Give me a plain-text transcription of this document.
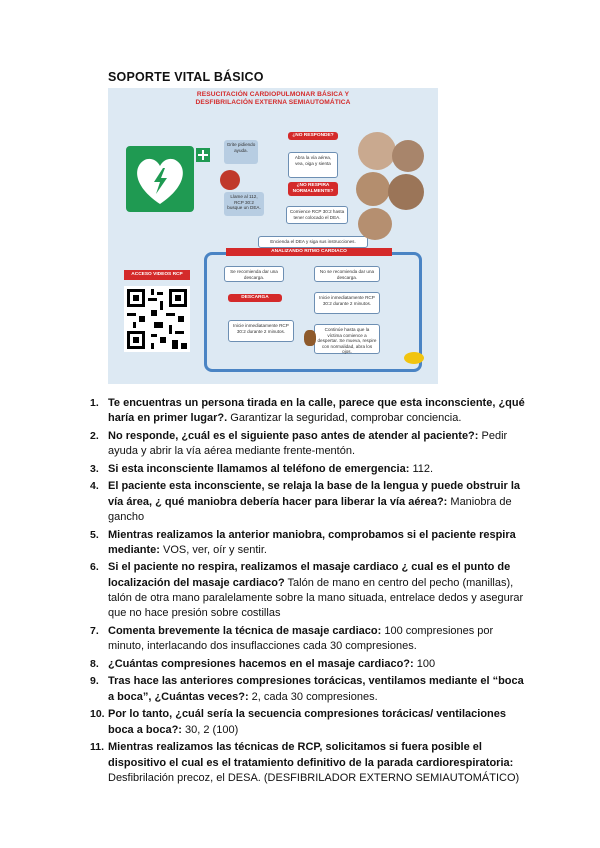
SOPORTE VITAL BÁSICO
RESUCITACIÓN CARDIOPULMONAR BÁSICA Y
DESFIBRILACIÓN EXTERNA SEMIAUTOMÁTICA
¿NO RESPONDE?
Grite pidiendo ayuda.
Abra la vía aérea, vea, oiga y sienta
¿NO RESPIRA NORMALMENTE?
Llame al 112, RCP 30:2 busque un DEA.
Comience RCP 30:2 hasta tener colocado el DEA.
Encienda el DEA y siga sus instrucciones.
ANALIZANDO RITMO CARDIACO
Se recomienda dar una descarga.
No se recomienda dar una descarga.
DESCARGA	Inicie inmediatamente RCP 30:2 durante 2 minutos.
Inicie inmediatamente RCP 30:2 durante 2 minutos.	Continúe hasta que la víctima comience a despertar. Se mueva, respire con normalidad, abra los ojos.
ACCESO VIDEOS RCP
1. Te encuentras un persona tirada en la calle, parece que esta inconsciente, ¿qué haría en primer lugar?. Garantizar la seguridad, comprobar conciencia.
2. No responde, ¿cuál es el siguiente paso antes de atender al paciente?: Pedir ayuda y abrir la vía aérea mediante frente-mentón.
3. Si esta inconsciente llamamos al teléfono de emergencia: 112.
4. El paciente esta inconsciente, se relaja la base de la lengua y puede obstruir la vía área, ¿ qué maniobra debería hacer para liberar la vía aérea?: Maniobra de gancho
5. Mientras realizamos la anterior maniobra, comprobamos si el paciente respira mediante: VOS, ver, oír y sentir.
6. Si el paciente no respira, realizamos el masaje cardiaco ¿ cual es el punto de localización del masaje cardiaco? Talón de mano en centro del pecho (manillas), talón de otra mano paralelamente sobre la mano situada, entrelace dedos y asegurar que no hace presión sobre costillas
7. Comenta brevemente la técnica de masaje cardiaco: 100 compresiones por minuto, interlacando dos insuflacciones cada 30 compresiones.
8. ¿Cuántas compresiones hacemos en el masaje cardiaco?: 100
9. Tras hace las anteriores compresiones torácicas, ventilamos mediante el “boca a boca”, ¿Cuántas veces?: 2, cada 30 compresiones.
10. Por lo tanto, ¿cuál sería la secuencia compresiones torácicas/ ventilaciones boca a boca?: 30, 2 (100)
11. Mientras realizamos las técnicas de RCP, solicitamos si fuera posible el dispositivo el cual es el tratamiento definitivo de la parada cardiorespiratoria: Desfibrilación precoz, el DESA. (DESFIBRILADOR EXTERNO SEMIAUTOMÁTICO)
